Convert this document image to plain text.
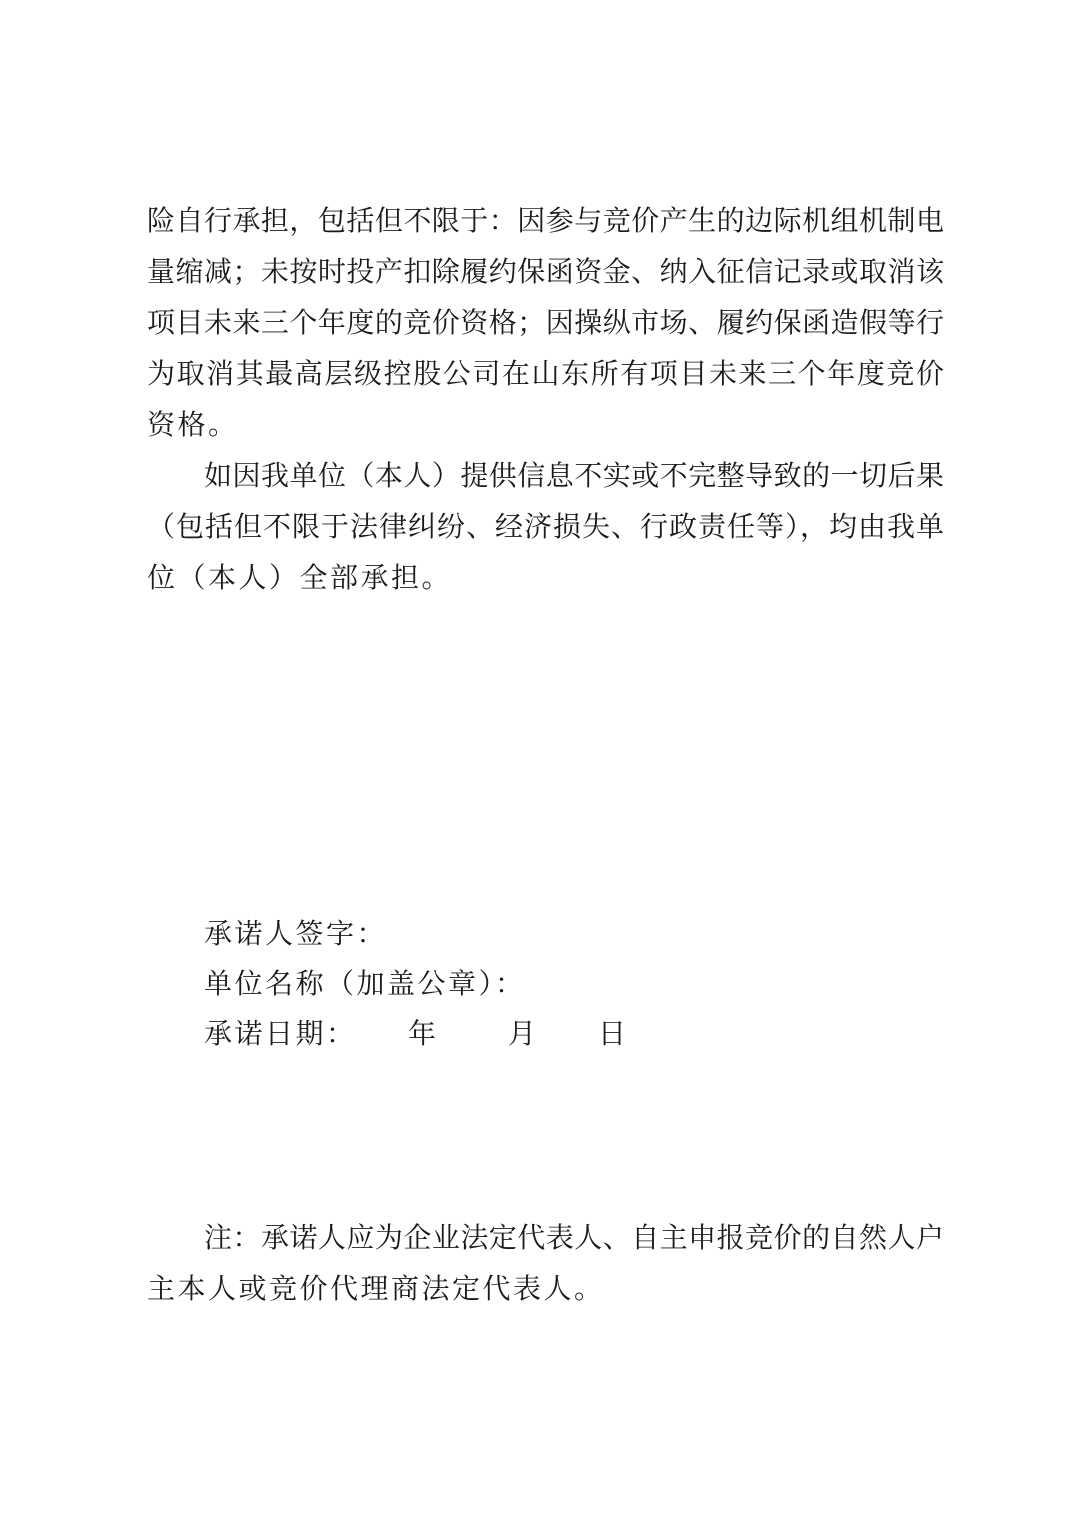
险自行承担，包括但不限于：因参与竞价产生的边际机组机制电
量缩减；未按时投产扣除履约保函资金、纳入征信记录或取消该
项目未来三个年度的竞价资格；因操纵市场、履约保函造假等行
为取消其最高层级控股公司在山东所有项目未来三个年度竞价
资格。
如因我单位（本人）提供信息不实或不完整导致的一切后果
（包括但不限于法律纠纷、经济损失、行政责任等），均由我单
位（本人）全部承担。
承诺人签字：
单位名称（加盖公章）：
承诺日期： 年 月 日
注：承诺人应为企业法定代表人、自主申报竞价的自然人户
主本人或竞价代理商法定代表人。
